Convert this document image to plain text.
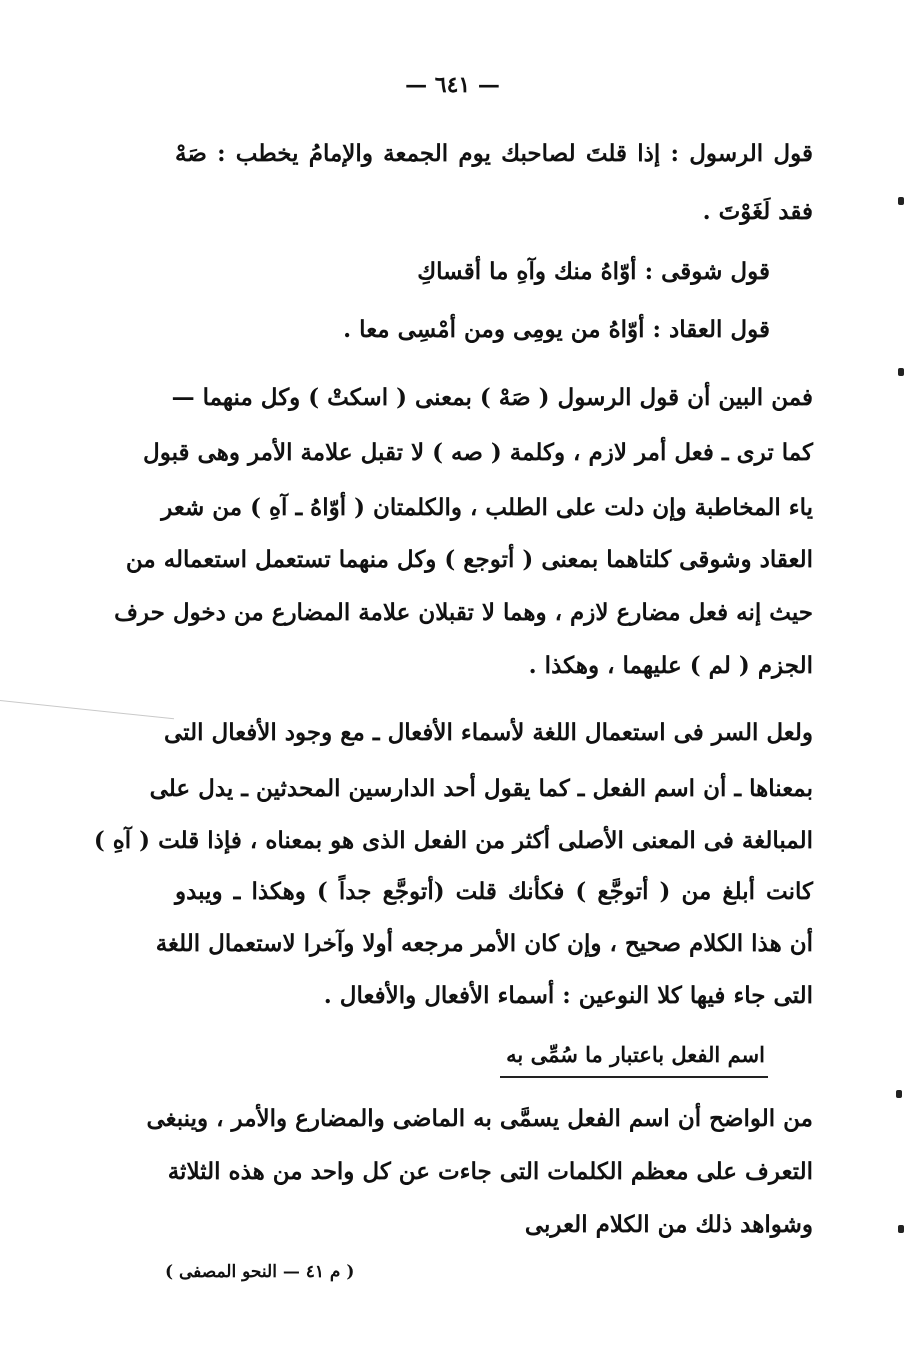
— ٦٤١ —
قول الرسول : إذا قلتَ لصاحبك يوم الجمعة والإمامُ يخطب : صَهْ
فقد لَغَوْتَ .
قول شوقى : أوّاهُ منك وآهِ ما أقساكِ
قول العقاد : أوّاهُ من يومِى ومن أمْسِى معا .
فمن البين أن قول الرسول ( صَهْ ) بمعنى ( اسكتْ ) وكل منهما —
كما ترى ـ فعل أمر لازم ، وكلمة ( صه ) لا تقبل علامة الأمر وهى قبول
ياء المخاطبة وإن دلت على الطلب ، والكلمتان ( أوّاهُ ـ آهِ ) من شعر
العقاد وشوقى كلتاهما بمعنى ( أتوجع ) وكل منهما تستعمل استعماله من
حيث إنه فعل مضارع لازم ، وهما لا تقبلان علامة المضارع من دخول حرف
الجزم ( لم ) عليهما ، وهكذا .
ولعل السر فى استعمال اللغة لأسماء الأفعال ـ مع وجود الأفعال التى
بمعناها ـ أن اسم الفعل ـ كما يقول أحد الدارسين المحدثين ـ يدل على
المبالغة فى المعنى الأصلى أكثر من الفعل الذى هو بمعناه ، فإذا قلت ( آهِ )
كانت أبلغ من ( أتوجَّع ) فكأنك قلت (أتوجَّع جداً ) وهكذا ـ ويبدو
أن هذا الكلام صحيح ، وإن كان الأمر مرجعه أولا وآخرا لاستعمال اللغة
التى جاء فيها كلا النوعين : أسماء الأفعال والأفعال .
اسم الفعل باعتبار ما سُمِّى به
من الواضح أن اسم الفعل يسمَّى به الماضى والمضارع والأمر ، وينبغى
التعرف على معظم الكلمات التى جاءت عن كل واحد من هذه الثلاثة
وشواهد ذلك من الكلام العربى
( م ٤١ — النحو المصفى )
